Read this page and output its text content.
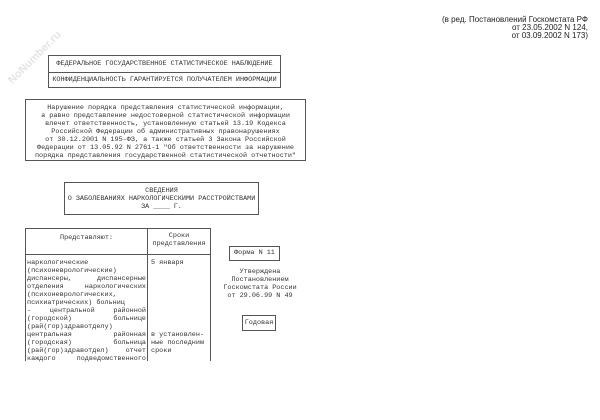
NoNumber.ru
(в ред. Постановлений Госкомстата РФ
от 23.05.2002 N 124,
от 03.09.2002 N 173)
ФЕДЕРАЛЬНОЕ ГОСУДАРСТВЕННОЕ СТАТИСТИЧЕСКОЕ НАБЛЮДЕНИЕ
КОНФИДЕНЦИАЛЬНОСТЬ ГАРАНТИРУЕТСЯ ПОЛУЧАТЕЛЕМ ИНФОРМАЦИИ
Нарушение порядка представления статистической информации,
а равно представление недостоверной статистической информации
влечет ответственность, установленную статьей 13.19 Кодекса
Российской Федерации об административных правонарушениях
от 30.12.2001 N 195-ФЗ, а также статьей 3 Закона Российской
Федерации от 13.05.92 N 2761-1 "Об ответственности за нарушение
порядка представления государственной статистической отчетности"
СВЕДЕНИЯ
О ЗАБОЛЕВАНИЯХ НАРКОЛОГИЧЕСКИМИ РАССТРОЙСТВАМИ
ЗА ____ Г.
Представляют:	Сроки
представления
наркологические
(психоневрологические)
диспансеры, диспансерные
отделения наркологических
(психоневрологических,
психиатрических) больниц
- центральной районной
(городской) больнице
(рай(гор)здравотделу)
центральная районная
(городская) больница
(рай(гор)здравотдел) отчет
каждого подведомственного
5 января
в установлен-
ные последним
сроки
Форма N 11
Утверждена
Постановлением
Госкомстата России
от 29.06.99 N 49
Годовая
